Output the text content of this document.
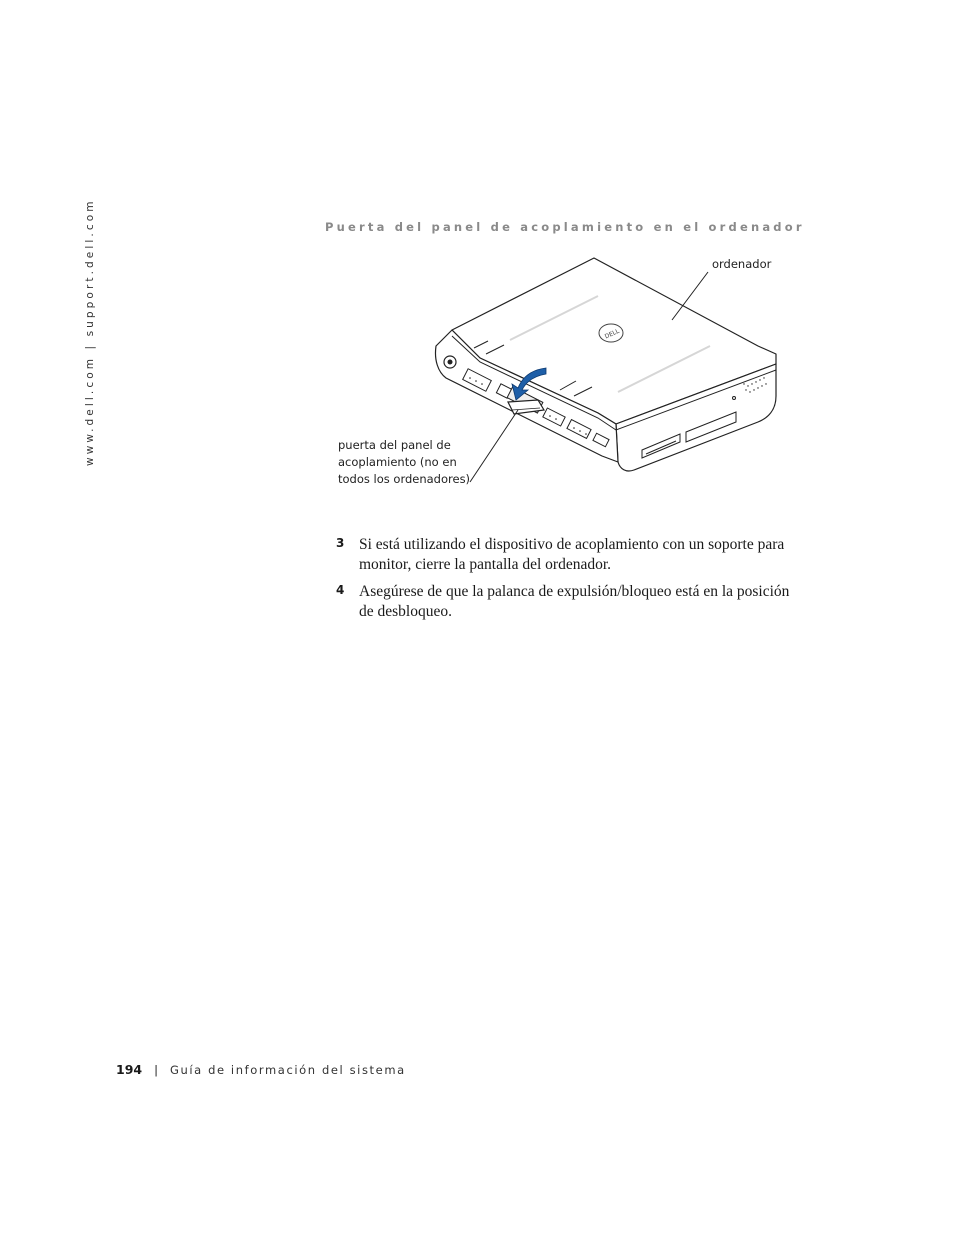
www.dell.com | support.dell.com	Puerta del panel de acoplamiento en el ordenador
DELL
ordenador
puerta del panel de acoplamiento (no en todos los ordenadores)
3 Si está utilizando el dispositivo de acoplamiento con un soporte para monitor, cierre la pantalla del ordenador.
4 Asegúrese de que la palanca de expulsión/bloqueo está en la posición de desbloqueo.
194 | Guía de información del sistema
